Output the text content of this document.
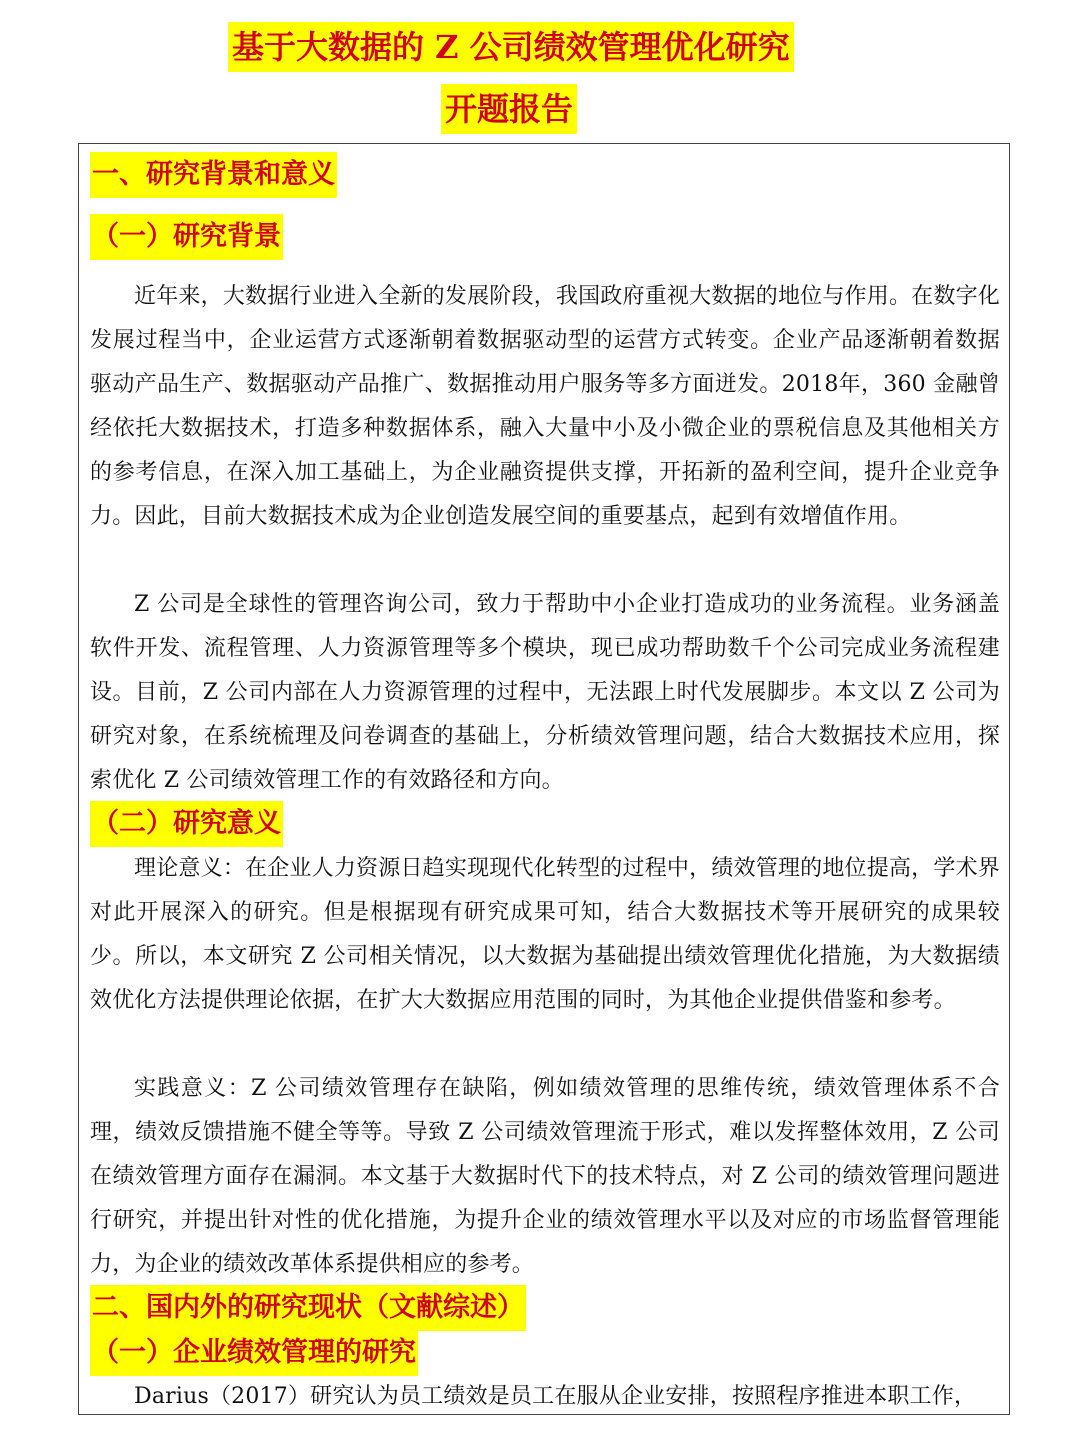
基于大数据的 Z 公司绩效管理优化研究
开题报告
一、研究背景和意义
（一）研究背景

近年来，大数据行业进入全新的发展阶段，我国政府重视大数据的地位与作用。在数字化发展过程当中，企业运营方式逐渐朝着数据驱动型的运营方式转变。企业产品逐渐朝着数据驱动产品生产、数据驱动产品推广、数据推动用户服务等多方面迸发。2018年，360 金融曾经依托大数据技术，打造多种数据体系，融入大量中小及小微企业的票税信息及其他相关方的参考信息，在深入加工基础上，为企业融资提供支撑，开拓新的盈利空间，提升企业竞争力。因此，目前大数据技术成为企业创造发展空间的重要基点，起到有效增值作用。

Z 公司是全球性的管理咨询公司，致力于帮助中小企业打造成功的业务流程。业务涵盖软件开发、流程管理、人力资源管理等多个模块，现已成功帮助数千个公司完成业务流程建设。目前，Z 公司内部在人力资源管理的过程中，无法跟上时代发展脚步。本文以 Z 公司为研究对象，在系统梳理及问卷调查的基础上，分析绩效管理问题，结合大数据技术应用，探索优化 Z 公司绩效管理工作的有效路径和方向。

（二）研究意义

理论意义：在企业人力资源日趋实现现代化转型的过程中，绩效管理的地位提高，学术界对此开展深入的研究。但是根据现有研究成果可知，结合大数据技术等开展研究的成果较少。所以，本文研究 Z 公司相关情况，以大数据为基础提出绩效管理优化措施，为大数据绩效优化方法提供理论依据，在扩大大数据应用范围的同时，为其他企业提供借鉴和参考。

实践意义：Z 公司绩效管理存在缺陷，例如绩效管理的思维传统，绩效管理体系不合理，绩效反馈措施不健全等等。导致 Z 公司绩效管理流于形式，难以发挥整体效用，Z 公司在绩效管理方面存在漏洞。本文基于大数据时代下的技术特点，对 Z 公司的绩效管理问题进行研究，并提出针对性的优化措施，为提升企业的绩效管理水平以及对应的市场监督管理能力，为企业的绩效改革体系提供相应的参考。

二、国内外的研究现状（文献综述）
（一）企业绩效管理的研究

Darius（2017）研究认为员工绩效是员工在服从企业安排，按照程序推进本职工作，
